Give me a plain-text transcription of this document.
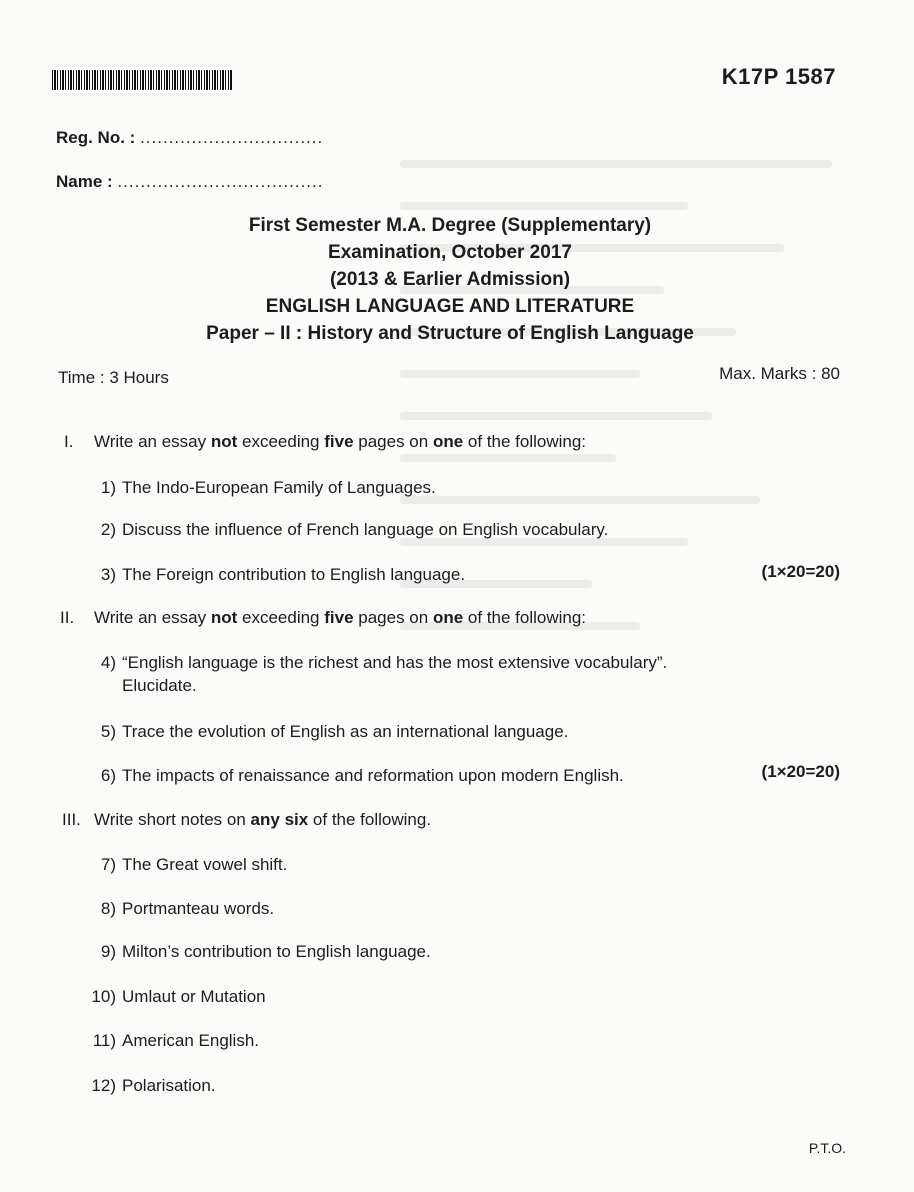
K17P 1587
Reg. No. : ................................
Name : ....................................
First Semester M.A. Degree (Supplementary)
Examination, October 2017
(2013 & Earlier Admission)
ENGLISH LANGUAGE AND LITERATURE
Paper – II : History and Structure of English Language
Time : 3 Hours	Max. Marks : 80
I. Write an essay not exceeding five pages on one of the following:
1) The Indo-European Family of Languages.
2) Discuss the influence of French language on English vocabulary.
3) The Foreign contribution to English language.	(1×20=20)
II. Write an essay not exceeding five pages on one of the following:
4) “English language is the richest and has the most extensive vocabulary”.
Elucidate.
5) Trace the evolution of English as an international language.
6) The impacts of renaissance and reformation upon modern English.	(1×20=20)
III. Write short notes on any six of the following.
7) The Great vowel shift.
8) Portmanteau words.
9) Milton’s contribution to English language.
10) Umlaut or Mutation
11) American English.
12) Polarisation.
P.T.O.
